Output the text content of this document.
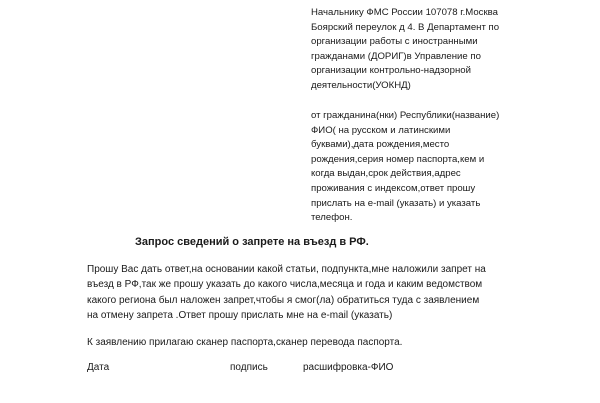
Начальнику ФМС России 107078 г.Москва
Боярский переулок д 4. В Департамент по
организации работы с иностранными
гражданами (ДОРИГ)в Управление по
организации контрольно-надзорной
деятельности(УОКНД)
от гражданина(нки) Республики(название)
ФИО( на русском и латинскими
буквами),дата рождения,место
рождения,серия номер паспорта,кем и
когда выдан,срок действия,адрес
проживания с индексом,ответ прошу
прислать на e-mail (указать) и указать
телефон.
Запрос сведений о запрете на въезд в РФ.
Прошу Вас дать ответ,на основании какой статьи, подпункта,мне наложили запрет на
въезд в РФ,так же прошу указать до какого числа,месяца и года и каким ведомством
какого региона был наложен запрет,чтобы я смог(ла) обратиться туда с заявлением
на отмену запрета .Ответ прошу прислать мне на e-mail (указать)
К заявлению прилагаю сканер паспорта,сканер перевода паспорта.
Дата	подпись	расшифровка-ФИО
